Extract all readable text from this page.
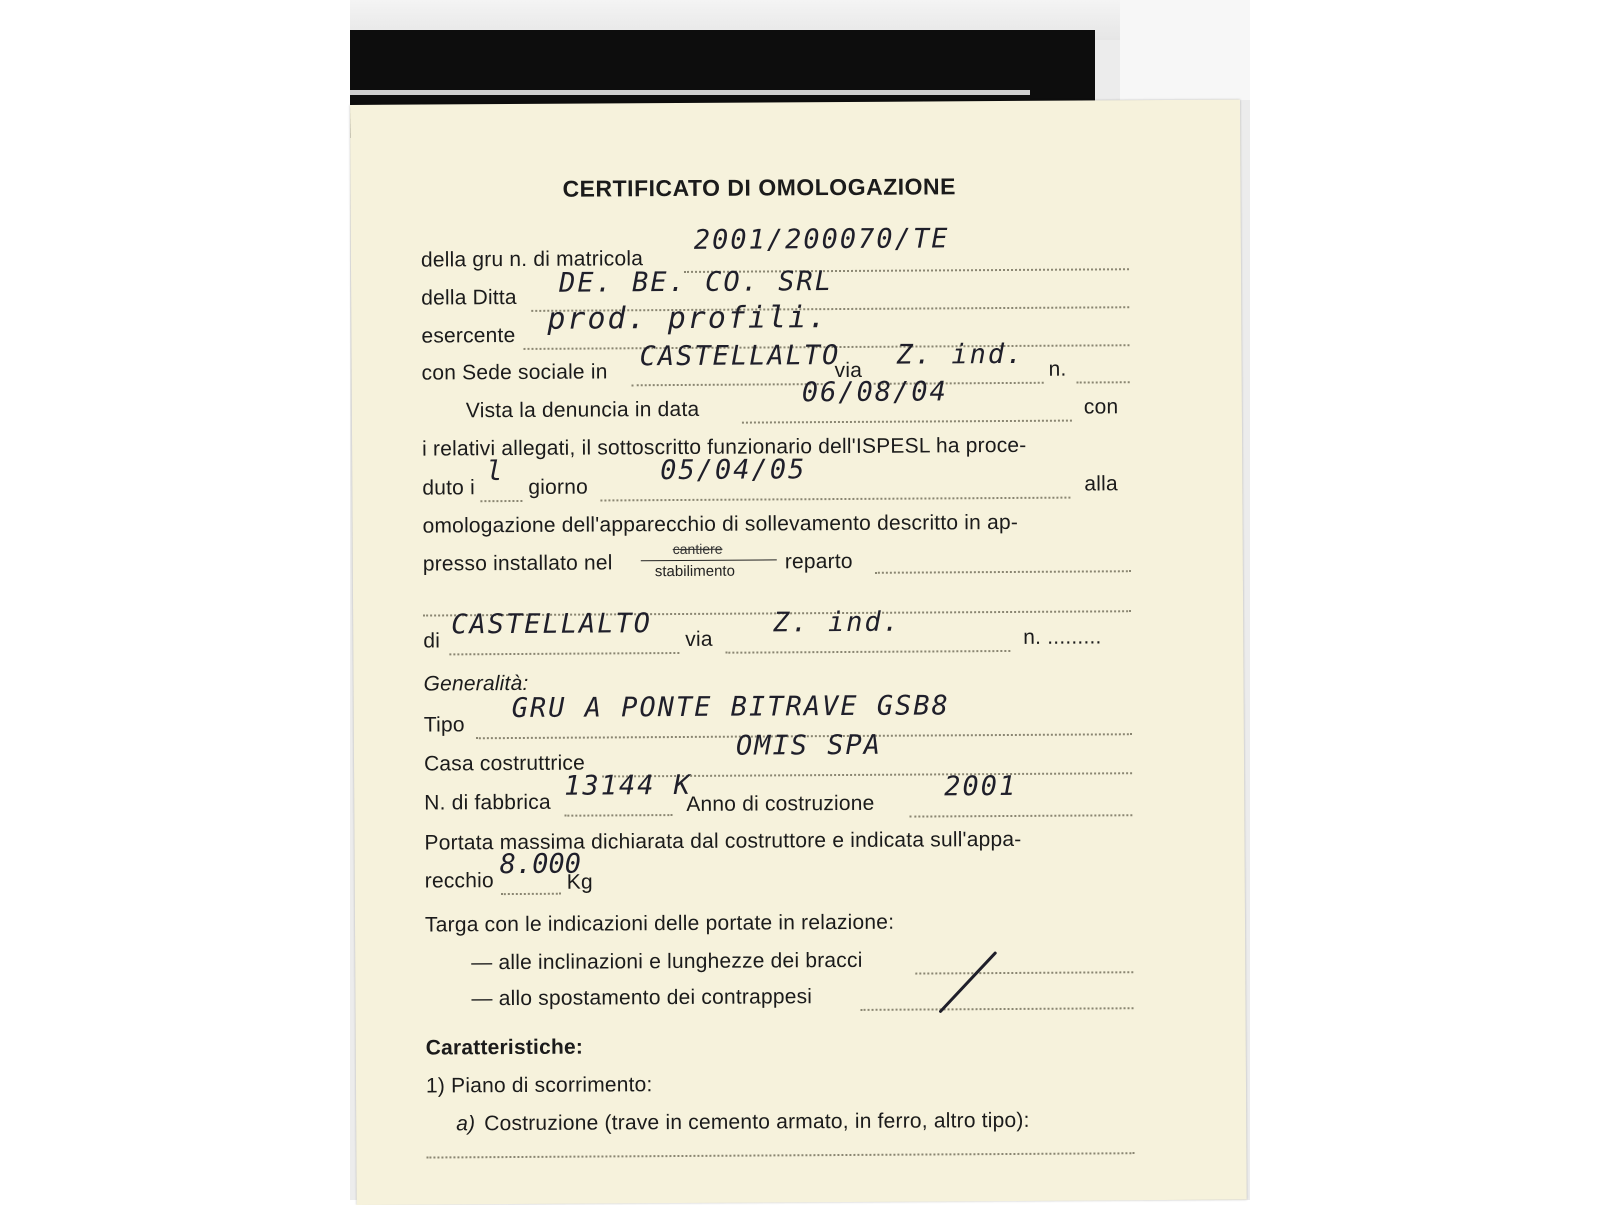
CERTIFICATO DI OMOLOGAZIONE
della gru n. di matricola
2001/200070/TE
della Ditta DE. BE. CO. SRL
esercente prod. profili.
con Sede sociale in
CASTELLALTO
via Z. ind. n.
Vista la denuncia in data
06/08/04	con
i relativi allegati, il sottoscritto funzionario dell'ISPESL ha proce-
duto i
l
giorno
05/04/05	alla
omologazione dell'apparecchio di sollevamento descritto in ap-
presso installato nel
cantiere
stabilimento reparto
di
CASTELLALTO via
Z. ind.	n. .........
Generalità:
Tipo
GRU A PONTE BITRAVE GSB8
Casa costruttrice
OMIS SPA
N. di fabbrica
13144 K
Anno di costruzione
2001
Portata massima dichiarata dal costruttore e indicata sull'appa-
recchio
8.000
Kg
Targa con le indicazioni delle portate in relazione:
— alle inclinazioni e lunghezze dei bracci
— allo spostamento dei contrappesi
Caratteristiche:
1) Piano di scorrimento:
a) Costruzione (trave in cemento armato, in ferro, altro tipo):
